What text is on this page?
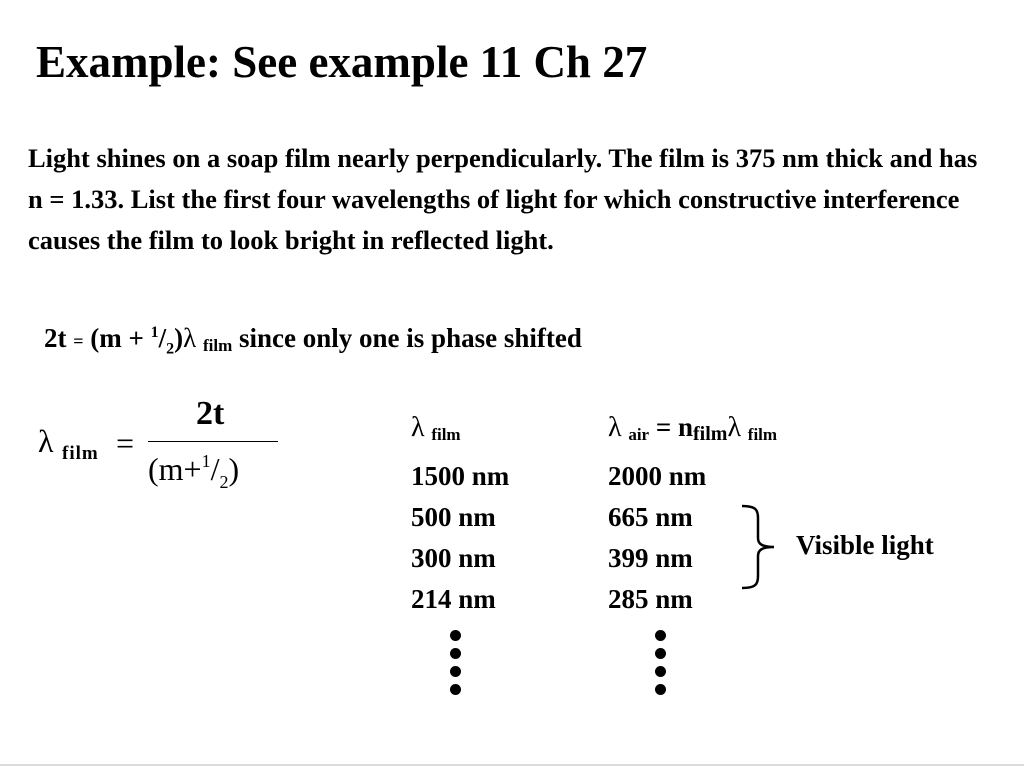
Example: See example 11 Ch 27

Light shines on a soap film nearly perpendicularly. The film is 375 nm thick and has n = 1.33. List the first four wavelengths of light for which constructive interference causes the film to look bright in reflected light.

$2t = (m + ^1/_2)\lambda$ film since only one is phase shifted
λ film =
2t
$(m+^1/_2)$
λ film
1500 nm
500 nm
300 nm
214 nm
λ air = nfilmλ film
2000 nm
665 nm
399 nm
285 nm
Visible light
